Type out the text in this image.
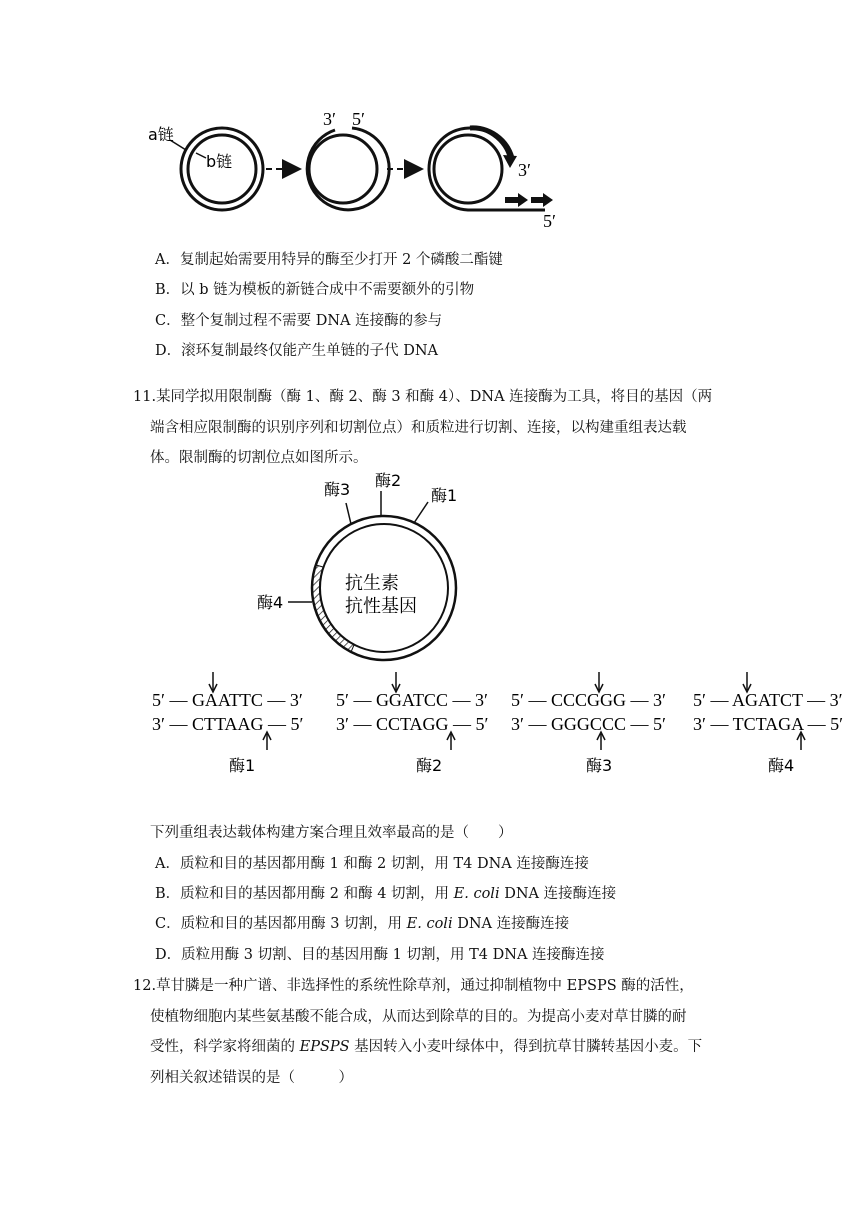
a链
b链
3′ 5′
3′
5′
A．复制起始需要用特异的酶至少打开 2 个磷酸二酯键
B．以 b 链为模板的新链合成中不需要额外的引物
C．整个复制过程不需要 DNA 连接酶的参与
D．滚环复制最终仅能产生单链的子代 DNA
11.某同学拟用限制酶（酶 1、酶 2、酶 3 和酶 4）、DNA 连接酶为工具，将目的基因（两
端含相应限制酶的识别序列和切割位点）和质粒进行切割、连接，以构建重组表达载
体。限制酶的切割位点如图所示。
酶3 酶2
酶1
酶4
抗生素
抗性基因
5′ — GAATTC — 3′
3′ — CTTAAG — 5′
酶1
5′ — GGATCC — 3′
3′ — CCTAGG — 5′
酶2
5′ — CCCGGG — 3′
3′ — GGGCCC — 5′
酶3
5′ — AGATCT — 3′
3′ — TCTAGA — 5′
酶4
下列重组表达载体构建方案合理且效率最高的是（　　）
A．质粒和目的基因都用酶 1 和酶 2 切割，用 T4 DNA 连接酶连接
B．质粒和目的基因都用酶 2 和酶 4 切割，用 E. coli DNA 连接酶连接
C．质粒和目的基因都用酶 3 切割，用 E. coli DNA 连接酶连接
D．质粒用酶 3 切割、目的基因用酶 1 切割，用 T4 DNA 连接酶连接
12.草甘膦是一种广谱、非选择性的系统性除草剂，通过抑制植物中 EPSPS 酶的活性，
使植物细胞内某些氨基酸不能合成，从而达到除草的目的。为提高小麦对草甘膦的耐
受性，科学家将细菌的 EPSPS 基因转入小麦叶绿体中，得到抗草甘膦转基因小麦。下
列相关叙述错误的是（　　　）
